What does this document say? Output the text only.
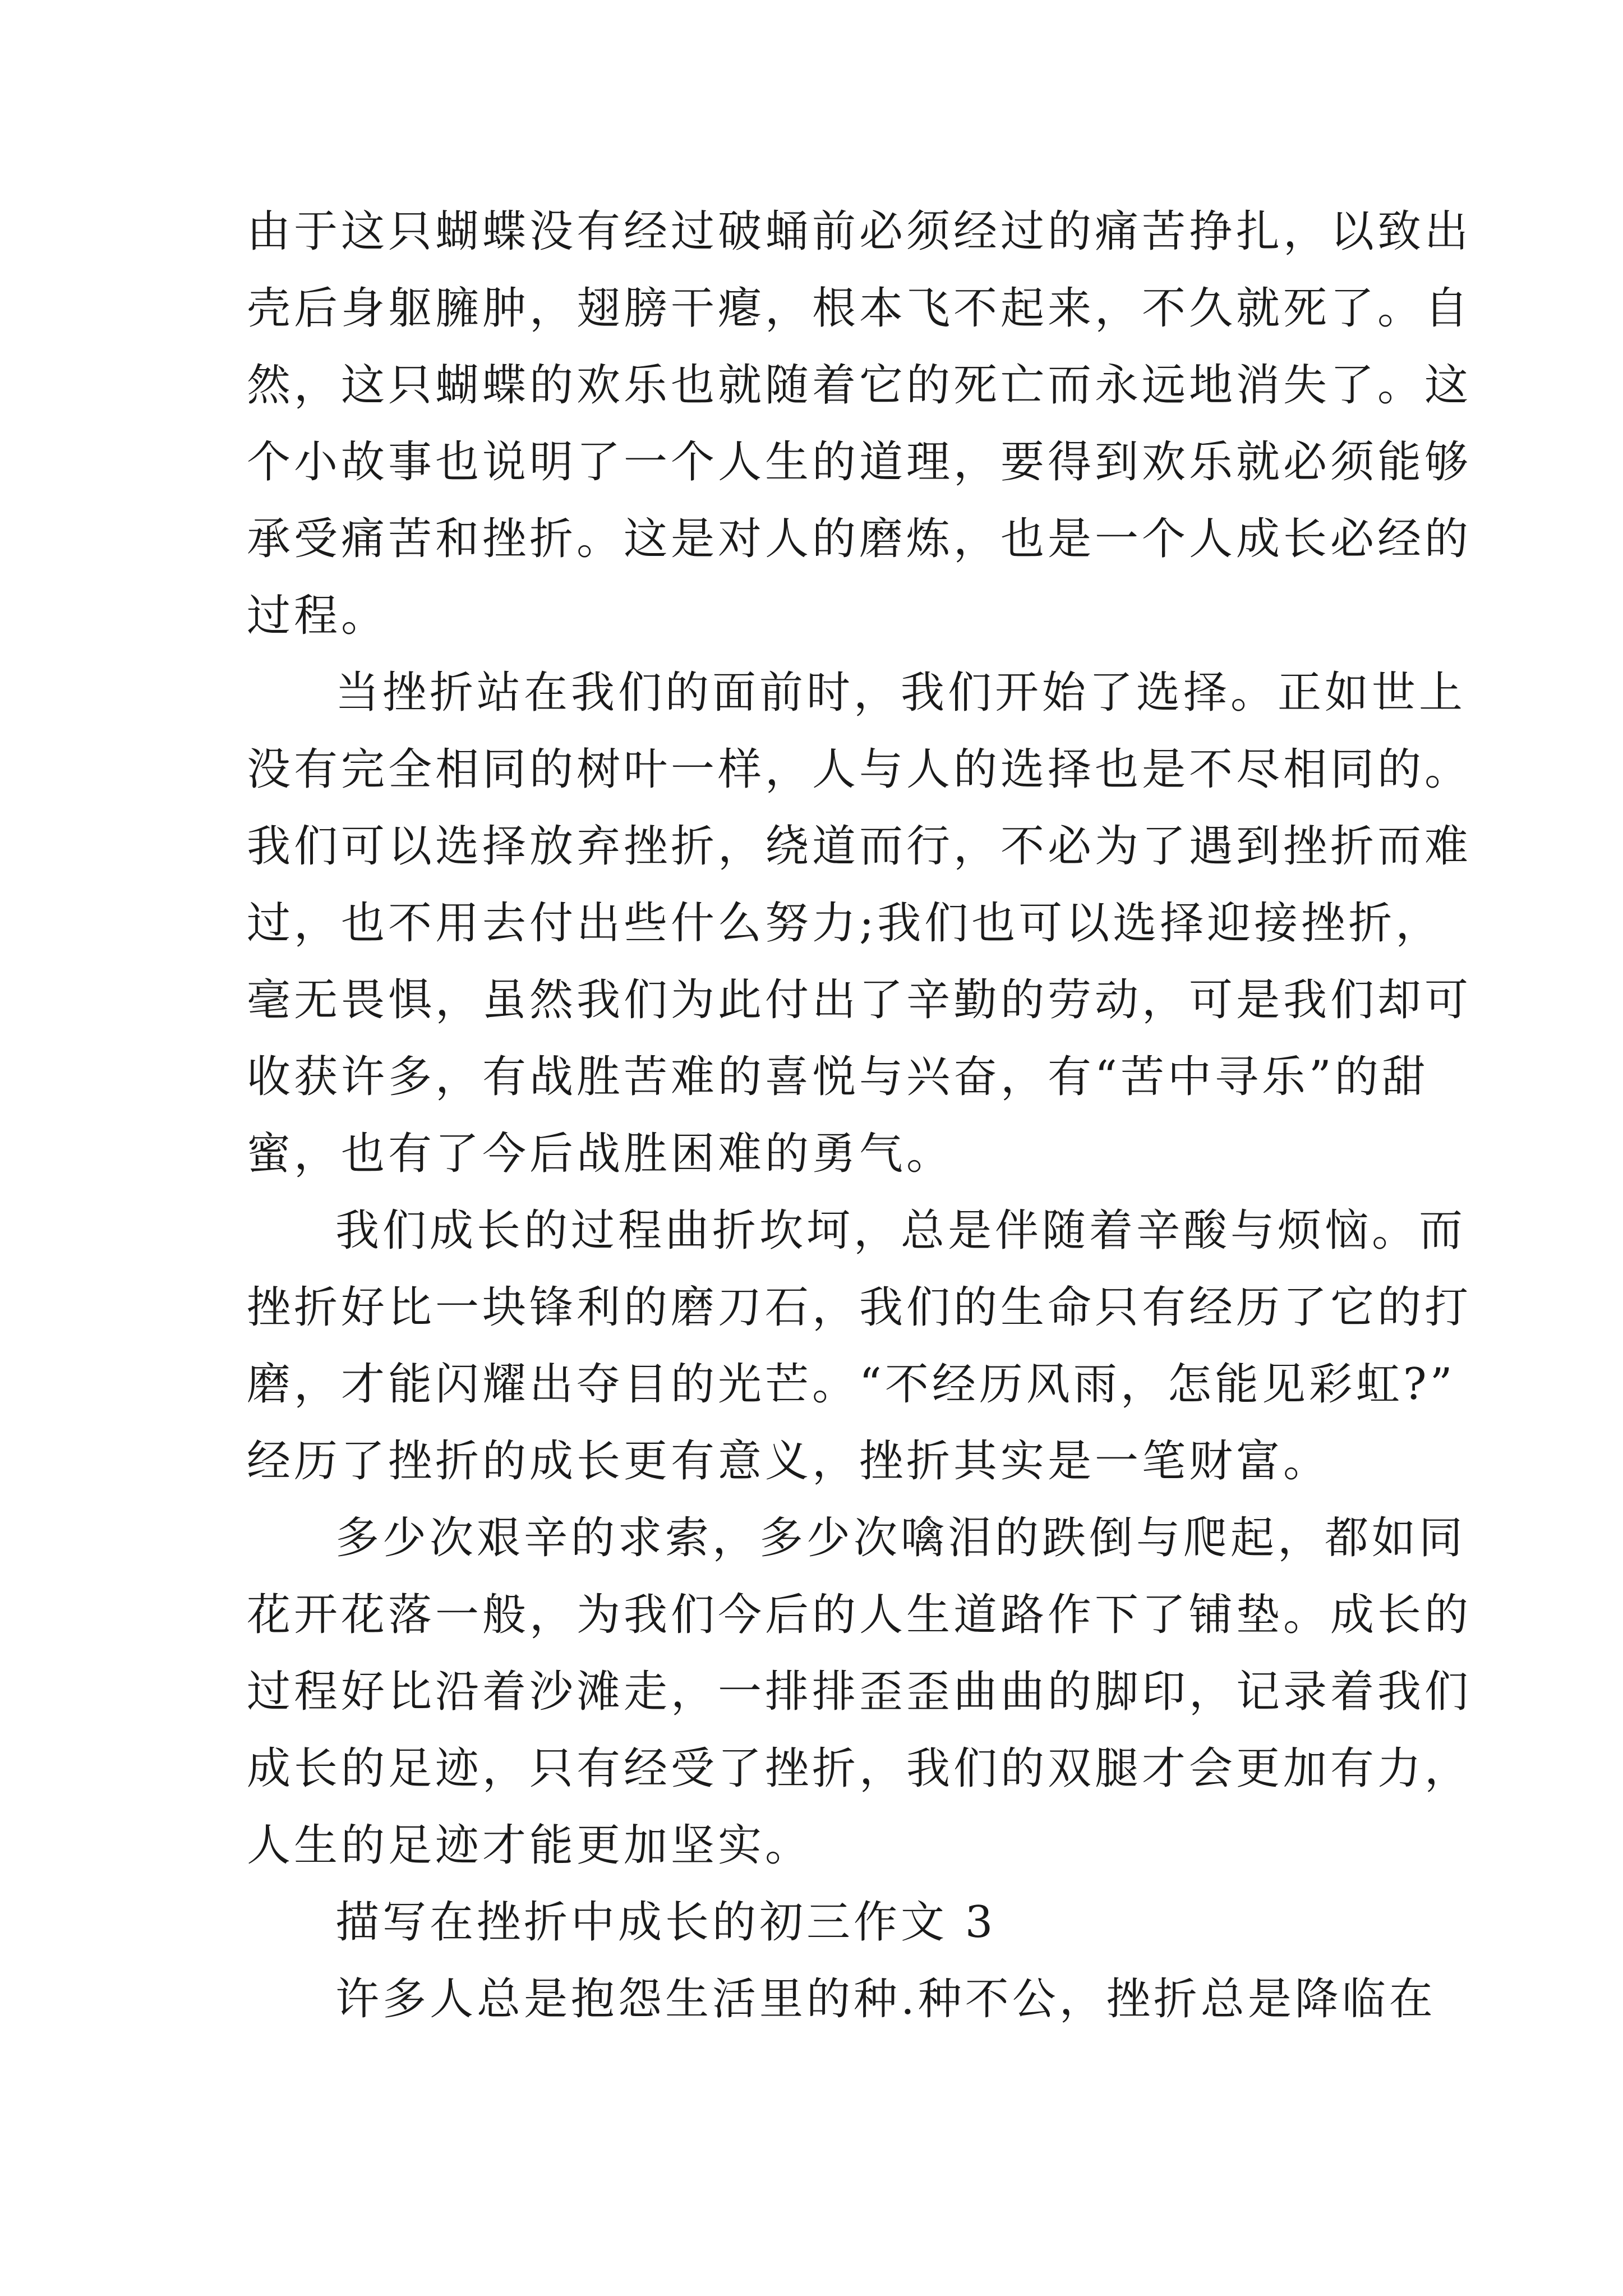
由于这只蝴蝶没有经过破蛹前必须经过的痛苦挣扎，以致出
壳后身躯臃肿，翅膀干瘪，根本飞不起来，不久就死了。自
然，这只蝴蝶的欢乐也就随着它的死亡而永远地消失了。这
个小故事也说明了一个人生的道理，要得到欢乐就必须能够
承受痛苦和挫折。这是对人的磨炼，也是一个人成长必经的
过程。
当挫折站在我们的面前时，我们开始了选择。正如世上
没有完全相同的树叶一样，人与人的选择也是不尽相同的。
我们可以选择放弃挫折，绕道而行，不必为了遇到挫折而难
过，也不用去付出些什么努力;我们也可以选择迎接挫折，
毫无畏惧，虽然我们为此付出了辛勤的劳动，可是我们却可
收获许多，有战胜苦难的喜悦与兴奋，有“苦中寻乐”的甜
蜜，也有了今后战胜困难的勇气。
我们成长的过程曲折坎坷，总是伴随着辛酸与烦恼。而
挫折好比一块锋利的磨刀石，我们的生命只有经历了它的打
磨，才能闪耀出夺目的光芒。“不经历风雨，怎能见彩虹?”
经历了挫折的成长更有意义，挫折其实是一笔财富。
多少次艰辛的求索，多少次噙泪的跌倒与爬起，都如同
花开花落一般，为我们今后的人生道路作下了铺垫。成长的
过程好比沿着沙滩走，一排排歪歪曲曲的脚印，记录着我们
成长的足迹，只有经受了挫折，我们的双腿才会更加有力，
人生的足迹才能更加坚实。
描写在挫折中成长的初三作文 3
许多人总是抱怨生活里的种.种不公，挫折总是降临在
